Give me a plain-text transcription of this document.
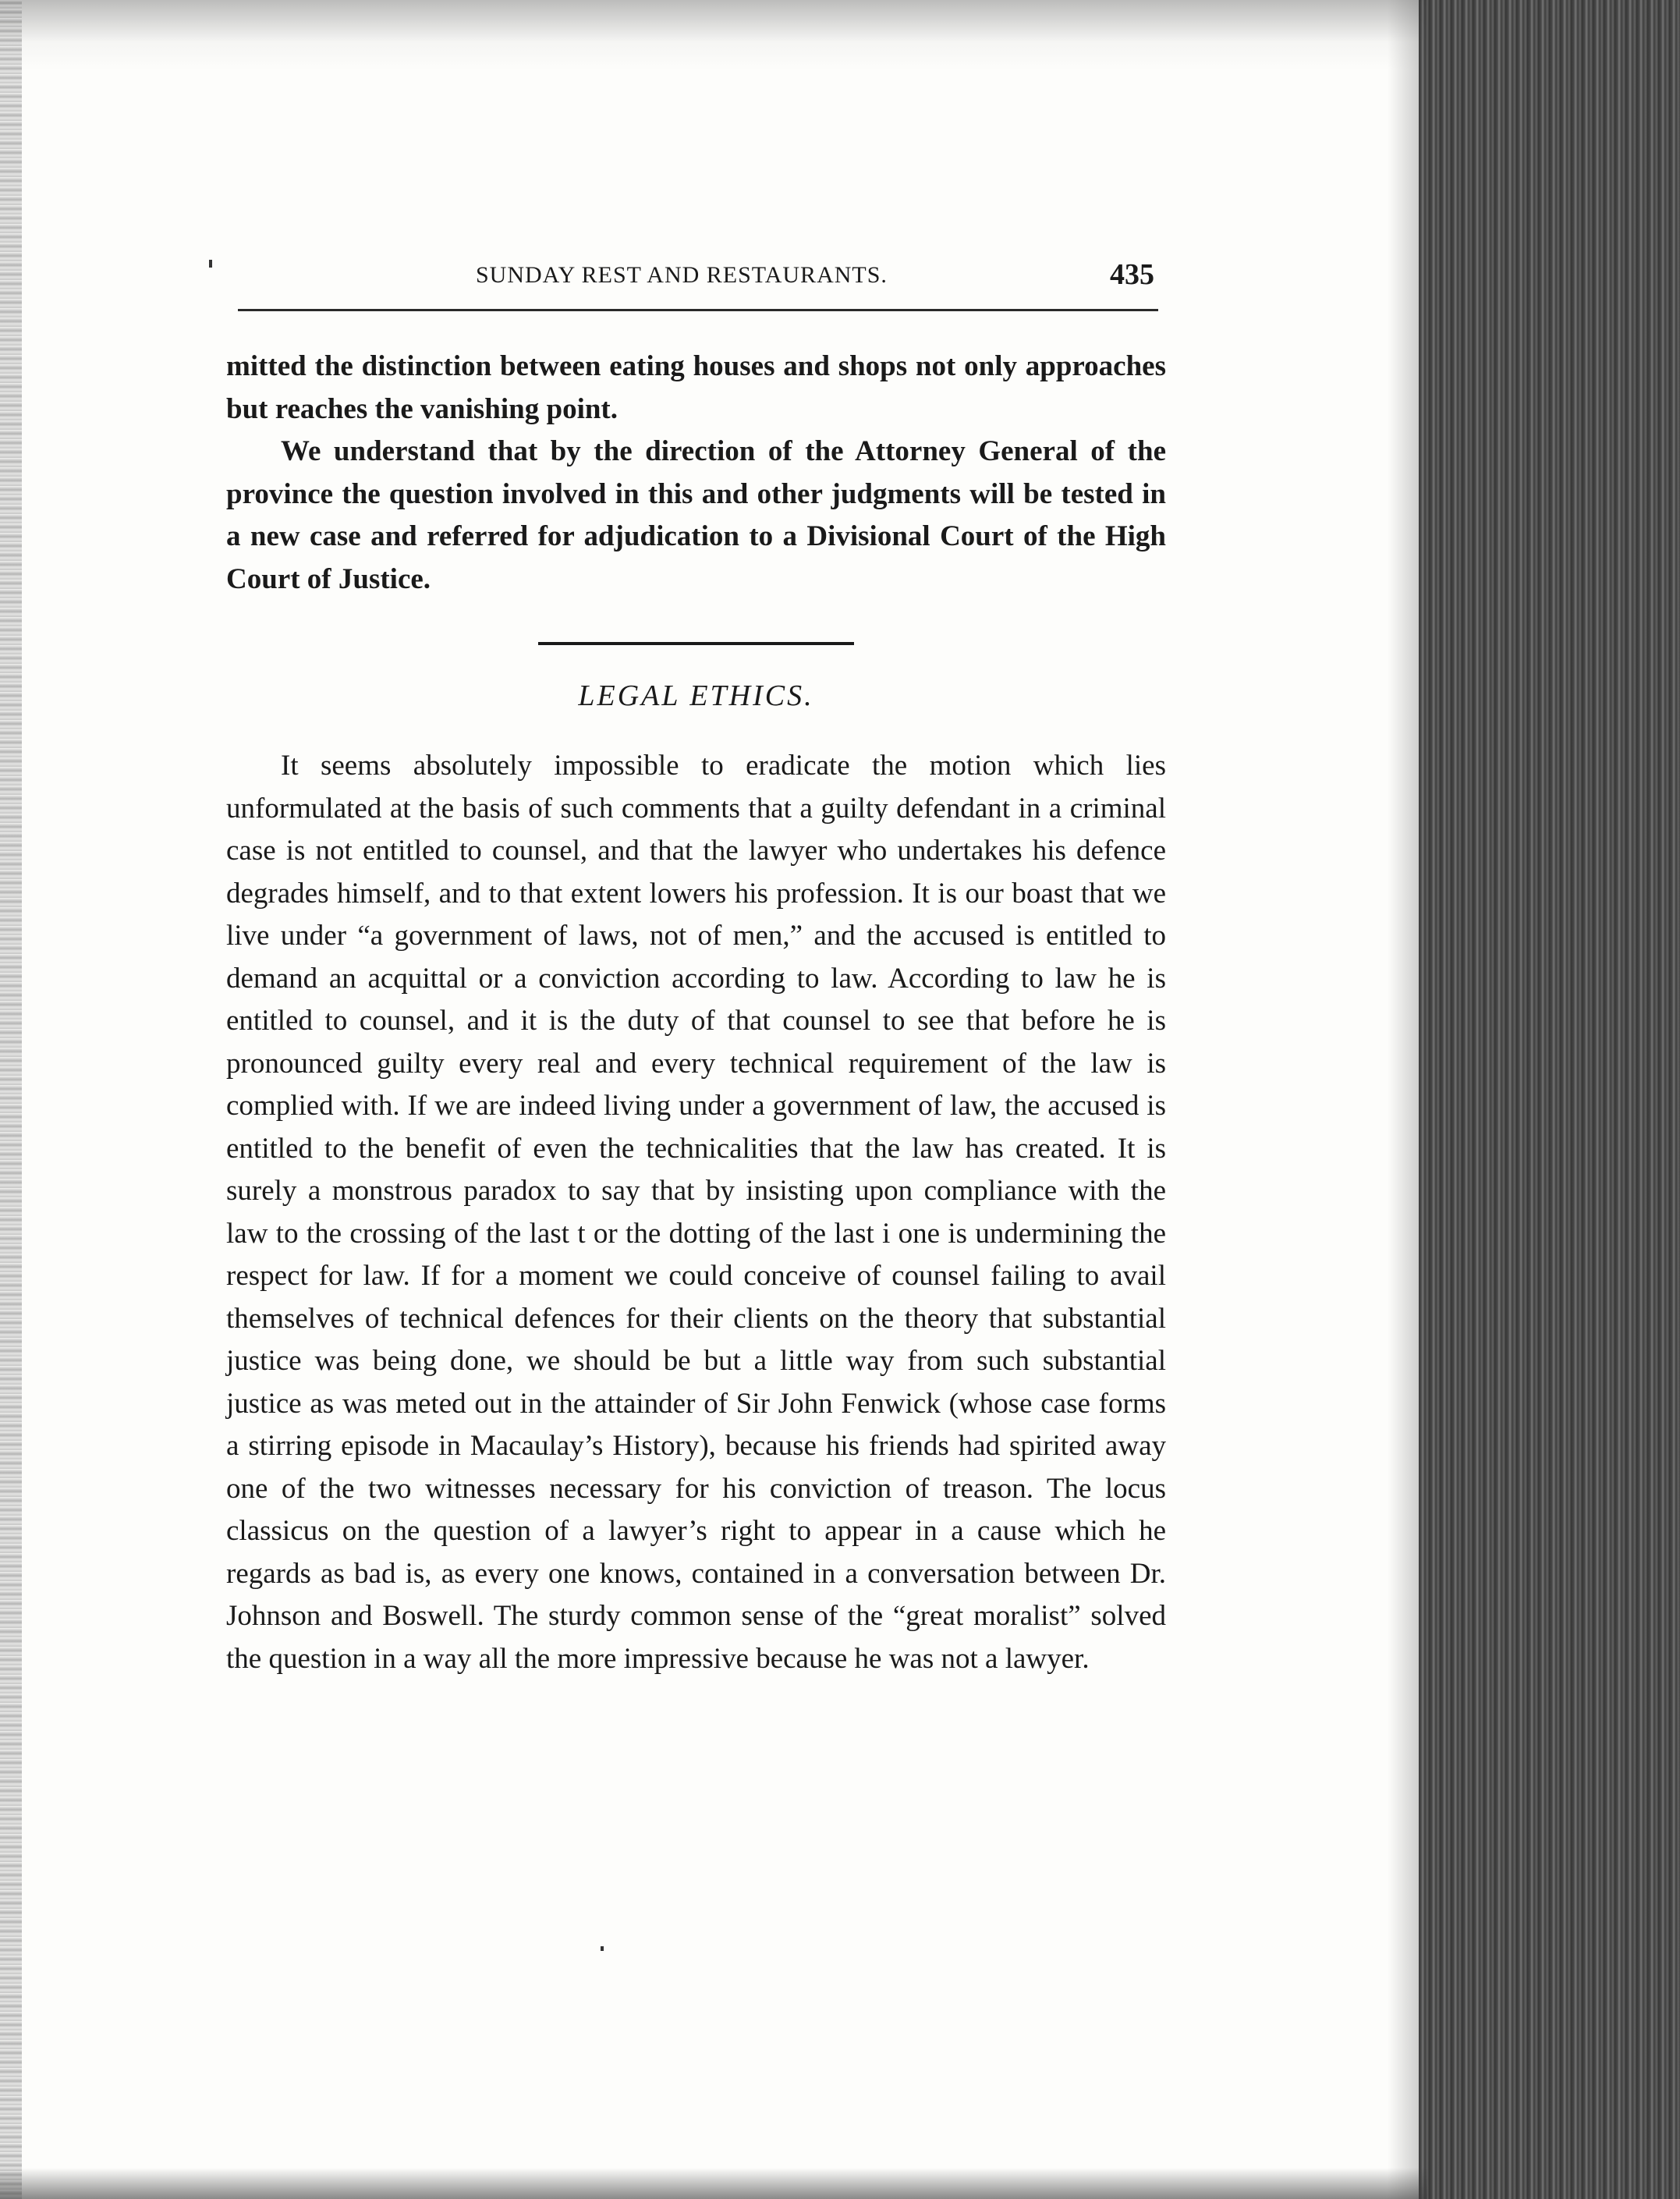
SUNDAY REST AND RESTAURANTS.	435

mitted the distinction between eating houses and shops not only approaches but reaches the vanishing point.

We understand that by the direction of the Attorney General of the province the question involved in this and other judgments will be tested in a new case and referred for adjudication to a Divisional Court of the High Court of Justice.

LEGAL ETHICS.
It seems absolutely impossible to eradicate the motion which lies unformulated at the basis of such comments that a guilty defendant in a criminal case is not entitled to counsel, and that the lawyer who undertakes his defence degrades himself, and to that extent lowers his profession. It is our boast that we live under “a government of laws, not of men,” and the accused is entitled to demand an acquittal or a conviction according to law. According to law he is entitled to counsel, and it is the duty of that counsel to see that before he is pronounced guilty every real and every technical requirement of the law is complied with. If we are indeed living under a government of law, the accused is entitled to the benefit of even the technicalities that the law has created. It is surely a monstrous paradox to say that by insisting upon compliance with the law to the crossing of the last t or the dotting of the last i one is undermining the respect for law. If for a moment we could conceive of counsel failing to avail themselves of technical defences for their clients on the theory that substantial justice was being done, we should be but a little way from such substantial justice as was meted out in the attainder of Sir John Fenwick (whose case forms a stirring episode in Macaulay’s History), because his friends had spirited away one of the two witnesses necessary for his conviction of treason. The locus classicus on the question of a lawyer’s right to appear in a cause which he regards as bad is, as every one knows, contained in a conversation between Dr. Johnson and Boswell. The sturdy common sense of the “great moralist” solved the question in a way all the more impressive because he was not a lawyer.
